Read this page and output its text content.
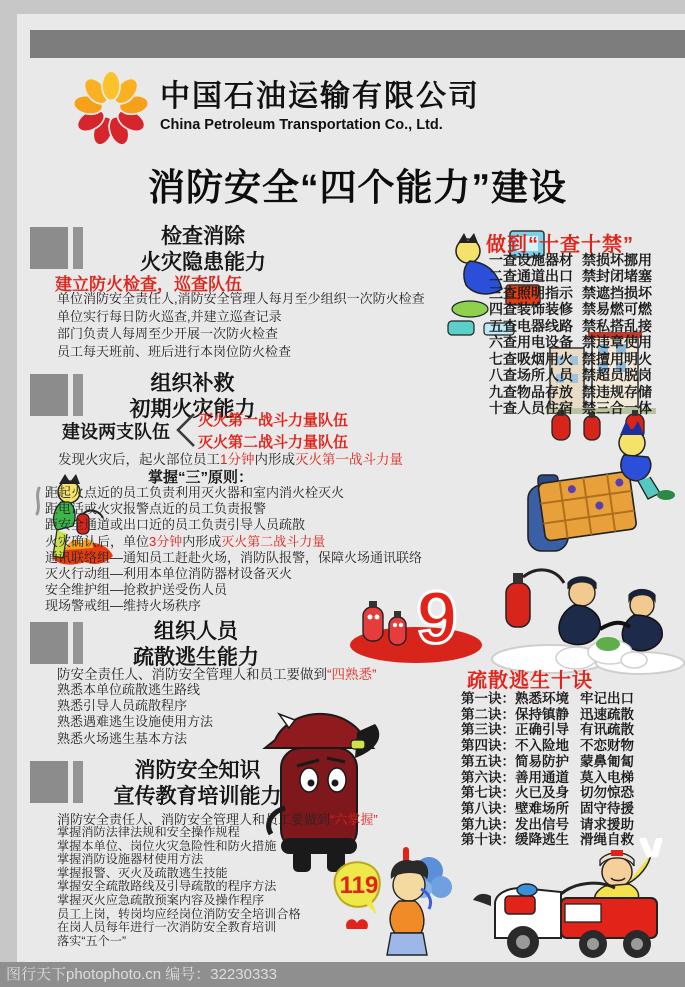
中国石油运输有限公司
China Petroleum Transportation Co., Ltd.
消防安全“四个能力”建设
检查消除
火灾隐患能力
建立防火检查，巡查队伍
单位消防安全责任人,消防安全管理人每月至少组织一次防火检查
单位实行每日防火巡查,并建立巡查记录
部门负责人每周至少开展一次防火检查
员工每天班前、班后进行本岗位防火检查
组织补救
初期火灾能力
建设两支队伍
灭火第一战斗力量队伍
灭火第二战斗力量队伍
发现火灾后，起火部位员工1分钟内形成灭火第一战斗力量
掌握“三”原则：
距起火点近的员工负责利用灭火器和室内消火栓灭火
距电话或火灾报警点近的员工负责报警
距安全通道或出口近的员工负责引导人员疏散
火灾确认后，单位3分钟内形成灭火第二战斗力量
通讯联络组—通知员工赶赴火场，消防队报警，保障火场通讯联络
灭火行动组—利用本单位消防器材设备灭火
安全维护组—抢救护送受伤人员
现场警戒组—维持火场秩序
组织人员
疏散逃生能力
防安全责任人、消防安全管理人和员工要做到“四熟悉”
熟悉本单位疏散逃生路线
熟悉引导人员疏散程序
熟悉遇难逃生设施使用方法
熟悉火场逃生基本方法
消防安全知识
宣传教育培训能力
消防安全责任人、消防安全管理人和员工要做到“六掌握”
掌握消防法律法规和安全操作规程
掌握本单位、岗位火灾急险性和防火措施
掌握消防设施器材使用方法
掌握报警、灭火及疏散逃生技能
掌握安全疏散路线及引导疏散的程序方法
掌握灭火应急疏散预案内容及操作程序
员工上岗，转岗均应经岗位消防安全培训合格
在岗人员每年进行一次消防安全教育培训
落实“五个一”
做到“十查十禁”
一查设施器材 禁损坏挪用
二查通道出口 禁封闭堵塞
三查照明指示 禁遮挡损坏
四查装饰装修 禁易燃可燃
五查电器线路 禁私搭乱接
六查用电设备 禁违章使用
七查吸烟用火 禁擅用明火
八查场所人员 禁超员脱岗
九查物品存放 禁违规存储
十查人员住宿 禁三合一体
疏散逃生十诀
第一诀： 熟悉环境 牢记出口
第二诀： 保持镇静 迅速疏散
第三诀： 正确引导 有讯疏散
第四诀： 不入险地 不恋财物
第五诀： 简易防护 蒙鼻匍匐
第六诀： 善用通道 莫入电梯
第七诀： 火已及身 切勿惊恐
第八诀： 壁难场所 固守待援
第九诀： 发出信号 请求援助
第十诀： 缓降逃生 滑绳自救
9
119
图行天下photophoto.cn 编号：32230333
